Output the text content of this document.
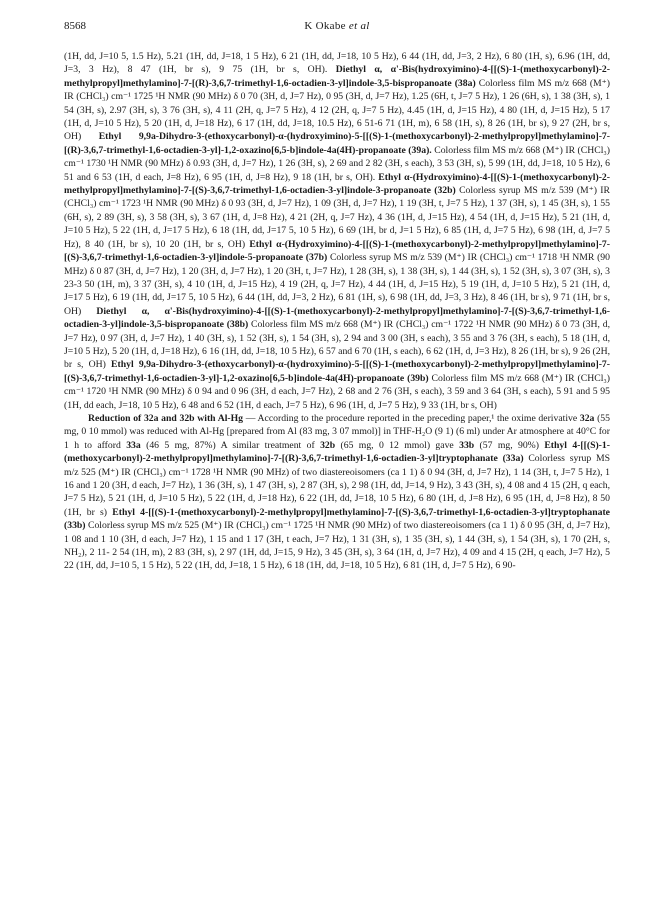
8568	K Okabe et al

(1H, dd, J=10 5, 1.5 Hz), 5.21 (1H, dd, J=18, 1 5 Hz), 6 21 (1H, dd, J=18, 10 5 Hz), 6 44 (1H, dd, J=3, 2 Hz), 6 80 (1H, s), 6.96 (1H, dd, J=3, 3 Hz), 8 47 (1H, br s), 9 75 (1H, br s, OH). Diethyl α, α'-Bis(hydroxyimino)-4-[[(S)-1-(methoxycarbonyl)-2-methylpropyl]methylamino]-7-[(R)-3,6,7-trimethyl-1,6-octadien-3-yl]indole-3,5-bispropanoate (38a) Colorless film MS m/z 668 (M⁺) IR (CHCl₃) cm⁻¹ 1725 ¹H NMR (90 MHz) δ 0 70 (3H, d, J=7 Hz), 0 95 (3H, d, J=7 Hz), 1.25 (6H, t, J=7 5 Hz), 1 26 (6H, s), 1 38 (3H, s), 1 54 (3H, s), 2.97 (3H, s), 3 76 (3H, s), 4 11 (2H, q, J=7 5 Hz), 4 12 (2H, q, J=7 5 Hz), 4.45 (1H, d, J=15 Hz), 4 80 (1H, d, J=15 Hz), 5 17 (1H, d, J=10 5 Hz), 5 20 (1H, d, J=18 Hz), 6 17 (1H, dd, J=18, 10.5 Hz), 6 51-6 71 (1H, m), 6 58 (1H, s), 8 26 (1H, br s), 9 27 (2H, br s, OH) Ethyl 9,9a-Dihydro-3-(ethoxycarbonyl)-α-(hydroxyimino)-5-[[(S)-1-(methoxycarbonyl)-2-methylpropyl]methylamino]-7-[(R)-3,6,7-trimethyl-1,6-octadien-3-yl]-1,2-oxazino[6,5-b]indole-4a(4H)-propanoate (39a). Colorless film MS m/z 668 (M⁺) IR (CHCl₃) cm⁻¹ 1730 ¹H NMR (90 MHz) δ 0.93 (3H, d, J=7 Hz), 1 26 (3H, s), 2 69 and 2 82 (3H, s each), 3 53 (3H, s), 5 99 (1H, dd, J=18, 10 5 Hz), 6 51 and 6 53 (1H, d each, J=8 Hz), 6 95 (1H, d, J=8 Hz), 9 18 (1H, br s, OH). Ethyl α-(Hydroxyimino)-4-[[(S)-1-(methoxycarbonyl)-2-methylpropyl]methylamino]-7-[(S)-3,6,7-trimethyl-1,6-octadien-3-yl]indole-3-propanoate (32b) Colorless syrup MS m/z 539 (M⁺) IR (CHCl₃) cm⁻¹ 1723 ¹H NMR (90 MHz) δ 0 93 (3H, d, J=7 Hz), 1 09 (3H, d, J=7 Hz), 1 19 (3H, t, J=7 5 Hz), 1 37 (3H, s), 1 45 (3H, s), 1 55 (6H, s), 2 89 (3H, s), 3 58 (3H, s), 3 67 (1H, d, J=8 Hz), 4 21 (2H, q, J=7 Hz), 4 36 (1H, d, J=15 Hz), 4 54 (1H, d, J=15 Hz), 5 21 (1H, d, J=10 5 Hz), 5 22 (1H, d, J=17 5 Hz), 6 18 (1H, dd, J=17 5, 10 5 Hz), 6 69 (1H, br d, J=1 5 Hz), 6 85 (1H, d, J=7 5 Hz), 6 98 (1H, d, J=7 5 Hz), 8 40 (1H, br s), 10 20 (1H, br s, OH) Ethyl α-(Hydroxyimino)-4-[[(S)-1-(methoxycarbonyl)-2-methylpropyl]methylamino]-7-[(S)-3,6,7-trimethyl-1,6-octadien-3-yl]indole-5-propanoate (37b) Colorless syrup MS m/z 539 (M⁺) IR (CHCl₃) cm⁻¹ 1718 ¹H NMR (90 MHz) δ 0 87 (3H, d, J=7 Hz), 1 20 (3H, d, J=7 Hz), 1 20 (3H, t, J=7 Hz), 1 28 (3H, s), 1 38 (3H, s), 1 44 (3H, s), 1 52 (3H, s), 3 07 (3H, s), 3 23-3 50 (1H, m), 3 37 (3H, s), 4 10 (1H, d, J=15 Hz), 4 19 (2H, q, J=7 Hz), 4 44 (1H, d, J=15 Hz), 5 19 (1H, d, J=10 5 Hz), 5 21 (1H, d, J=17 5 Hz), 6 19 (1H, dd, J=17 5, 10 5 Hz), 6 44 (1H, dd, J=3, 2 Hz), 6 81 (1H, s), 6 98 (1H, dd, J=3, 3 Hz), 8 46 (1H, br s), 9 71 (1H, br s, OH) Diethyl α, α'-Bis(hydroxyimino)-4-[[(S)-1-(methoxycarbonyl)-2-methylpropyl]methylamino]-7-[(S)-3,6,7-trimethyl-1,6-octadien-3-yl]indole-3,5-bispropanoate (38b) Colorless film MS m/z 668 (M⁺) IR (CHCl₃) cm⁻¹ 1722 ¹H NMR (90 MHz) δ 0 73 (3H, d, J=7 Hz), 0 97 (3H, d, J=7 Hz), 1 40 (3H, s), 1 52 (3H, s), 1 54 (3H, s), 2 94 and 3 00 (3H, s each), 3 55 and 3 76 (3H, s each), 5 18 (1H, d, J=10 5 Hz), 5 20 (1H, d, J=18 Hz), 6 16 (1H, dd, J=18, 10 5 Hz), 6 57 and 6 70 (1H, s each), 6 62 (1H, d, J=3 Hz), 8 26 (1H, br s), 9 26 (2H, br s, OH) Ethyl 9,9a-Dihydro-3-(ethoxycarbonyl)-α-(hydroxyimino)-5-[[(S)-1-(methoxycarbonyl)-2-methylpropyl]methylamino]-7-[(S)-3,6,7-trimethyl-1,6-octadien-3-yl]-1,2-oxazino[6,5-b]indole-4a(4H)-propanoate (39b) Colorless film MS m/z 668 (M⁺) IR (CHCl₃) cm⁻¹ 1720 ¹H NMR (90 MHz) δ 0 94 and 0 96 (3H, d each, J=7 Hz), 2 68 and 2 76 (3H, s each), 3 59 and 3 64 (3H, s each), 5 91 and 5 95 (1H, dd each, J=18, 10 5 Hz), 6 48 and 6 52 (1H, d each, J=7 5 Hz), 6 96 (1H, d, J=7 5 Hz), 9 33 (1H, br s, OH)

Reduction of 32a and 32b with Al-Hg — According to the procedure reported in the preceding paper,¹ the oxime derivative 32a (55 mg, 0 10 mmol) was reduced with Al-Hg [prepared from Al (83 mg, 3 07 mmol)] in THF-H₂O (9 1) (6 ml) under Ar atmosphere at 40°C for 1 h to afford 33a (46 5 mg, 87%) A similar treatment of 32b (65 mg, 0 12 mmol) gave 33b (57 mg, 90%) Ethyl 4-[[(S)-1-(methoxycarbonyl)-2-methylpropyl]methylamino]-7-[(R)-3,6,7-trimethyl-1,6-octadien-3-yl]tryptophanate (33a) Colorless syrup MS m/z 525 (M⁺) IR (CHCl₃) cm⁻¹ 1728 ¹H NMR (90 MHz) of two diastereoisomers (ca 1 1) δ 0 94 (3H, d, J=7 Hz), 1 14 (3H, t, J=7 5 Hz), 1 16 and 1 20 (3H, d each, J=7 Hz), 1 36 (3H, s), 1 47 (3H, s), 2 87 (3H, s), 2 98 (1H, dd, J=14, 9 Hz), 3 43 (3H, s), 4 08 and 4 15 (2H, q each, J=7 5 Hz), 5 21 (1H, d, J=10 5 Hz), 5 22 (1H, d, J=18 Hz), 6 22 (1H, dd, J=18, 10 5 Hz), 6 80 (1H, d, J=8 Hz), 6 95 (1H, d, J=8 Hz), 8 50 (1H, br s) Ethyl 4-[[(S)-1-(methoxycarbonyl)-2-methylpropyl]methylamino]-7-[(S)-3,6,7-trimethyl-1,6-octadien-3-yl]tryptophanate (33b) Colorless syrup MS m/z 525 (M⁺) IR (CHCl₃) cm⁻¹ 1725 ¹H NMR (90 MHz) of two diastereoisomers (ca 1 1) δ 0 95 (3H, d, J=7 Hz), 1 08 and 1 10 (3H, d each, J=7 Hz), 1 15 and 1 17 (3H, t each, J=7 Hz), 1 31 (3H, s), 1 35 (3H, s), 1 44 (3H, s), 1 54 (3H, s), 1 70 (2H, s, NH₂), 2 11- 2 54 (1H, m), 2 83 (3H, s), 2 97 (1H, dd, J=15, 9 Hz), 3 45 (3H, s), 3 64 (1H, d, J=7 Hz), 4 09 and 4 15 (2H, q each, J=7 Hz), 5 22 (1H, dd, J=10 5, 1 5 Hz), 5 22 (1H, dd, J=18, 1 5 Hz), 6 18 (1H, dd, J=18, 10 5 Hz), 6 81 (1H, d, J=7 5 Hz), 6 90-
